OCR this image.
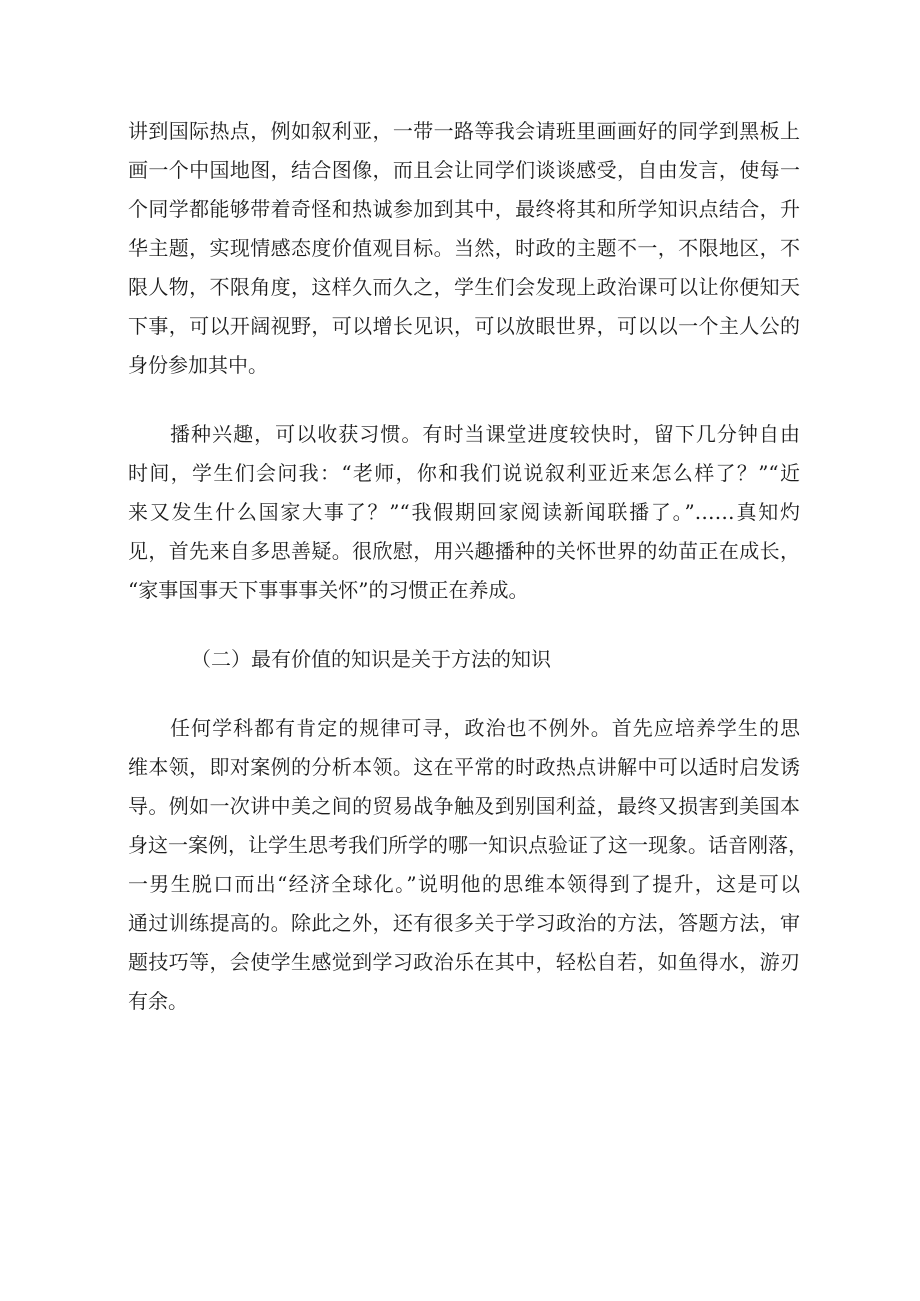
讲到国际热点，例如叙利亚，一带一路等我会请班里画画好的同学到黑板上
画一个中国地图，结合图像，而且会让同学们谈谈感受，自由发言，使每一
个同学都能够带着奇怪和热诚参加到其中，最终将其和所学知识点结合，升
华主题，实现情感态度价值观目标。当然，时政的主题不一，不限地区，不
限人物，不限角度，这样久而久之，学生们会发现上政治课可以让你便知天
下事，可以开阔视野，可以增长见识，可以放眼世界，可以以一个主人公的
身份参加其中。
播种兴趣，可以收获习惯。有时当课堂进度较快时，留下几分钟自由
时间，学生们会问我：“老师，你和我们说说叙利亚近来怎么样了？”“近
来又发生什么国家大事了？”“我假期回家阅读新闻联播了。”……真知灼
见，首先来自多思善疑。很欣慰，用兴趣播种的关怀世界的幼苗正在成长，
“家事国事天下事事事关怀”的习惯正在养成。
（二）最有价值的知识是关于方法的知识
任何学科都有肯定的规律可寻，政治也不例外。首先应培养学生的思
维本领，即对案例的分析本领。这在平常的时政热点讲解中可以适时启发诱
导。例如一次讲中美之间的贸易战争触及到别国利益，最终又损害到美国本
身这一案例，让学生思考我们所学的哪一知识点验证了这一现象。话音刚落，
一男生脱口而出“经济全球化。”说明他的思维本领得到了提升，这是可以
通过训练提高的。除此之外，还有很多关于学习政治的方法，答题方法，审
题技巧等，会使学生感觉到学习政治乐在其中，轻松自若，如鱼得水，游刃
有余。
